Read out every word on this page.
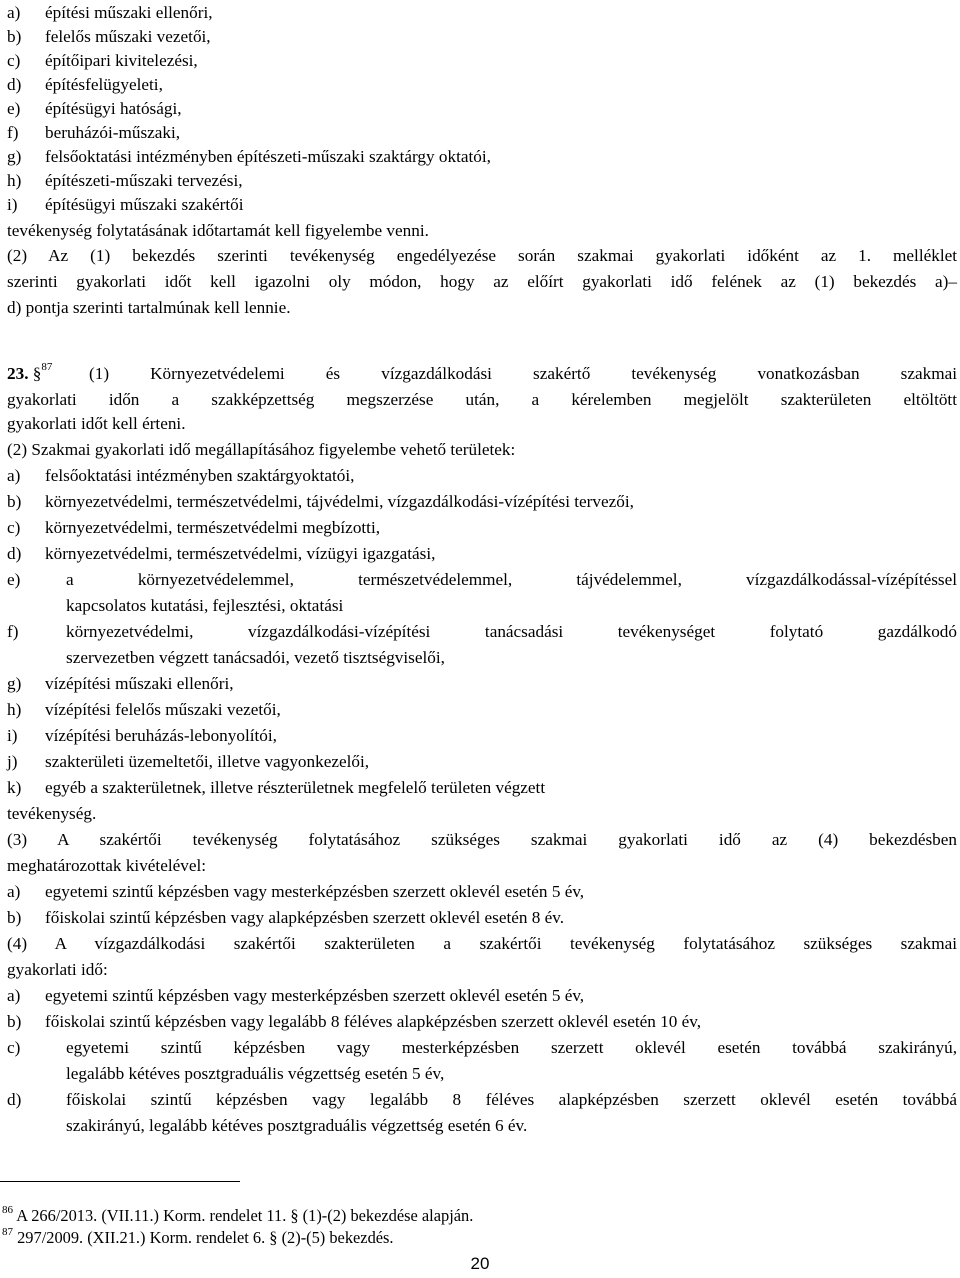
a) építési műszaki ellenőri,
b) felelős műszaki vezetői,
c) építőipari kivitelezési,
d) építésfelügyeleti,
e) építésügyi hatósági,
f) beruházói-műszaki,
g) felsőoktatási intézményben építészeti-műszaki szaktárgy oktatói,
h) építészeti-műszaki tervezési,
i) építésügyi műszaki szakértői
tevékenység folytatásának időtartamát kell figyelembe venni.
(2) Az (1) bekezdés szerinti tevékenység engedélyezése során szakmai gyakorlati időként az 1. melléklet
szerinti gyakorlati időt kell igazolni oly módon, hogy az előírt gyakorlati idő felének az (1) bekezdés a)–
d) pontja szerinti tartalmúnak kell lennie.
23. §$^{87}$	(1) Környezetvédelemi és vízgazdálkodási szakértő tevékenység vonatkozásban szakmai
gyakorlati időn a szakképzettség megszerzése után, a kérelemben megjelölt szakterületen eltöltött
gyakorlati időt kell érteni.
(2) Szakmai gyakorlati idő megállapításához figyelembe vehető területek:
a) felsőoktatási intézményben szaktárgyoktatói,
b) környezetvédelmi, természetvédelmi, tájvédelmi, vízgazdálkodási-vízépítési tervezői,
c) környezetvédelmi, természetvédelmi megbízotti,
d) környezetvédelmi, természetvédelmi, vízügyi igazgatási,
e)	a környezetvédelemmel, természetvédelemmel, tájvédelemmel, vízgazdálkodással-vízépítéssel
kapcsolatos kutatási, fejlesztési, oktatási
f)	környezetvédelmi, vízgazdálkodási-vízépítési tanácsadási tevékenységet folytató gazdálkodó
szervezetben végzett tanácsadói, vezető tisztségviselői,
g) vízépítési műszaki ellenőri,
h) vízépítési felelős műszaki vezetői,
i) vízépítési beruházás-lebonyolítói,
j) szakterületi üzemeltetői, illetve vagyonkezelői,
k) egyéb a szakterületnek, illetve részterületnek megfelelő területen végzett
tevékenység.
(3) A szakértői tevékenység folytatásához szükséges szakmai gyakorlati idő az (4) bekezdésben
meghatározottak kivételével:
a) egyetemi szintű képzésben vagy mesterképzésben szerzett oklevél esetén 5 év,
b) főiskolai szintű képzésben vagy alapképzésben szerzett oklevél esetén 8 év.
(4) A vízgazdálkodási szakértői szakterületen a szakértői tevékenység folytatásához szükséges szakmai
gyakorlati idő:
a) egyetemi szintű képzésben vagy mesterképzésben szerzett oklevél esetén 5 év,
b) főiskolai szintű képzésben vagy legalább 8 féléves alapképzésben szerzett oklevél esetén 10 év,
c)	egyetemi szintű képzésben vagy mesterképzésben szerzett oklevél esetén továbbá szakirányú,
legalább kétéves posztgraduális végzettség esetén 5 év,
d)	főiskolai szintű képzésben vagy legalább 8 féléves alapképzésben szerzett oklevél esetén továbbá
szakirányú, legalább kétéves posztgraduális végzettség esetén 6 év.
$^{86}$ A 266/2013. (VII.11.) Korm. rendelet 11. § (1)-(2) bekezdése alapján.
$^{87}$ 297/2009. (XII.21.) Korm. rendelet 6. § (2)-(5) bekezdés.
20
